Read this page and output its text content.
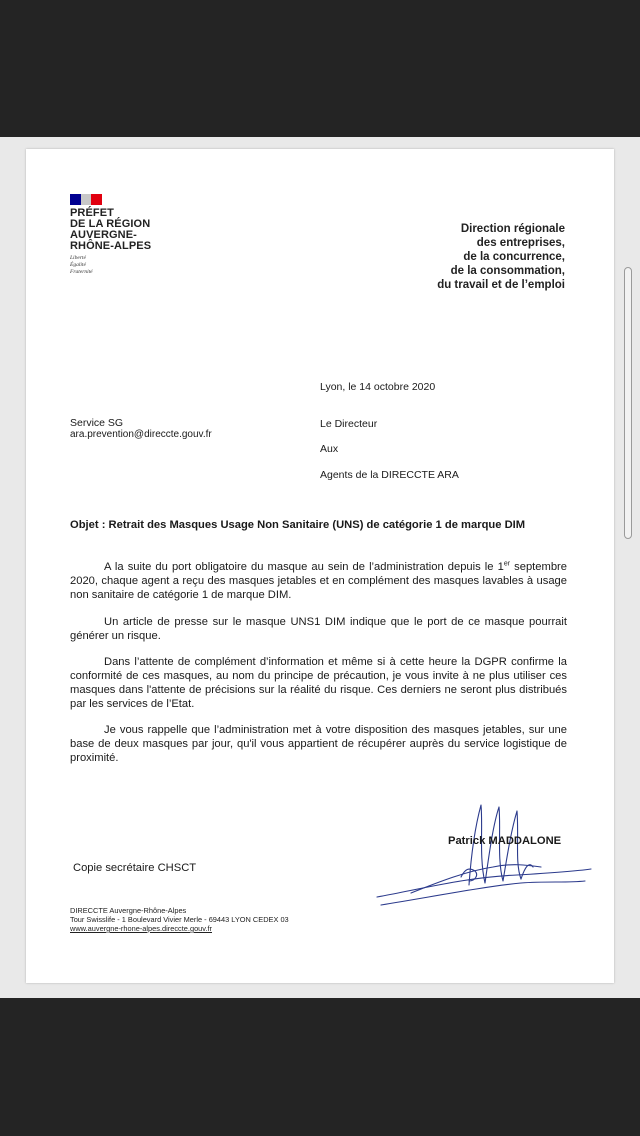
PRÉFET
DE LA RÉGION
AUVERGNE-
RHÔNE-ALPES
Liberté
Égalité
Fraternité
Direction régionale
des entreprises,
de la concurrence,
de la consommation,
du travail et de l’emploi
Lyon, le 14 octobre 2020
Service SG
ara.prevention@direccte.gouv.fr
Le Directeur
Aux
Agents de la DIRECCTE ARA
Objet : Retrait des Masques Usage Non Sanitaire (UNS) de catégorie 1 de marque DIM

A la suite du port obligatoire du masque au sein de l’administration depuis le 1er septembre 2020, chaque agent a reçu des masques jetables et en complément des masques lavables à usage non sanitaire de catégorie 1 de marque DIM.

Un article de presse sur le masque UNS1 DIM indique que le port de ce masque pourrait générer un risque.

Dans l’attente de complément d’information et même si à cette heure la DGPR confirme la conformité de ces masques, au nom du principe de précaution, je vous invite à ne plus utiliser ces masques dans l'attente de précisions sur la réalité du risque. Ces derniers ne seront plus distribués par les services de l’Etat.

Je vous rappelle que l’administration met à votre disposition des masques jetables, sur une base de deux masques par jour, qu'il vous appartient de récupérer auprès du service logistique de proximité.

Patrick MADDALONE
Copie secrétaire CHSCT
DIRECCTE Auvergne-Rhône-Alpes
Tour Swisslife - 1 Boulevard Vivier Merle - 69443 LYON CEDEX 03
www.auvergne-rhone-alpes.direccte.gouv.fr
